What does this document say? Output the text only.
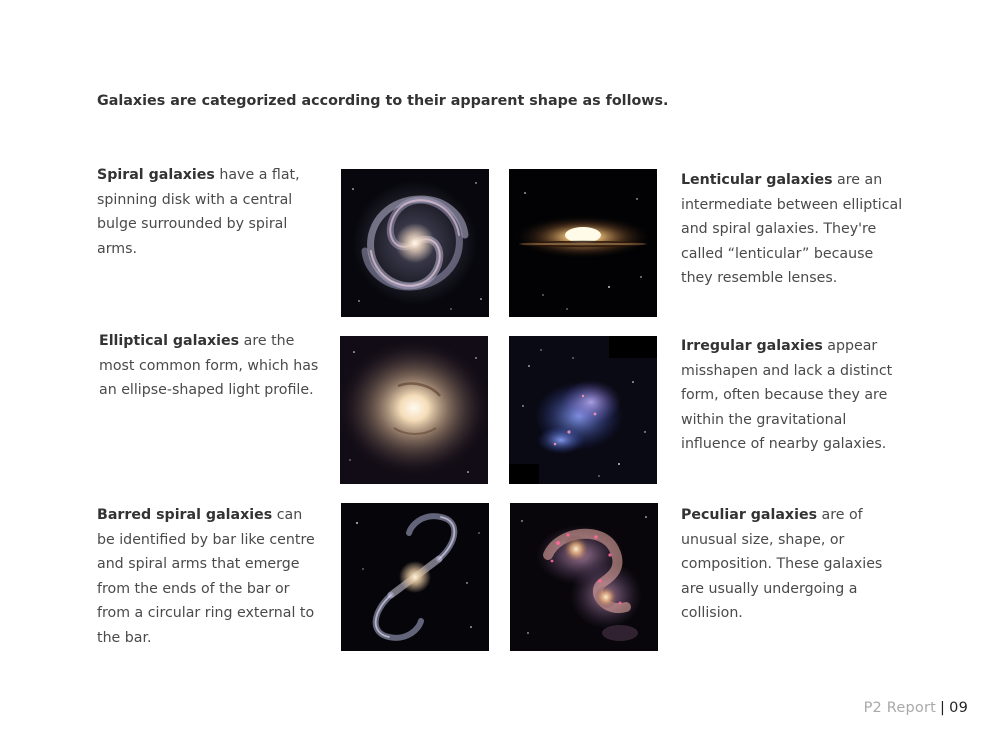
Galaxies are categorized according to their apparent shape as follows.

Spiral galaxies have a flat, spinning disk with a central bulge surrounded by spiral arms.

Lenticular galaxies are an intermediate between elliptical and spiral galaxies. They're called “lenticular” because they resemble lenses.

Elliptical galaxies are the most common form, which has an ellipse-shaped light profile.

Irregular galaxies appear misshapen and lack a distinct form, often because they are within the gravitational influence of nearby galaxies.

Barred spiral galaxies can be identified by bar like centre and spiral arms that emerge from the ends of the bar or from a circular ring external to the bar.

Peculiar galaxies are of unusual size, shape, or composition. These galaxies are usually undergoing a collision.

P2 Report | 09
